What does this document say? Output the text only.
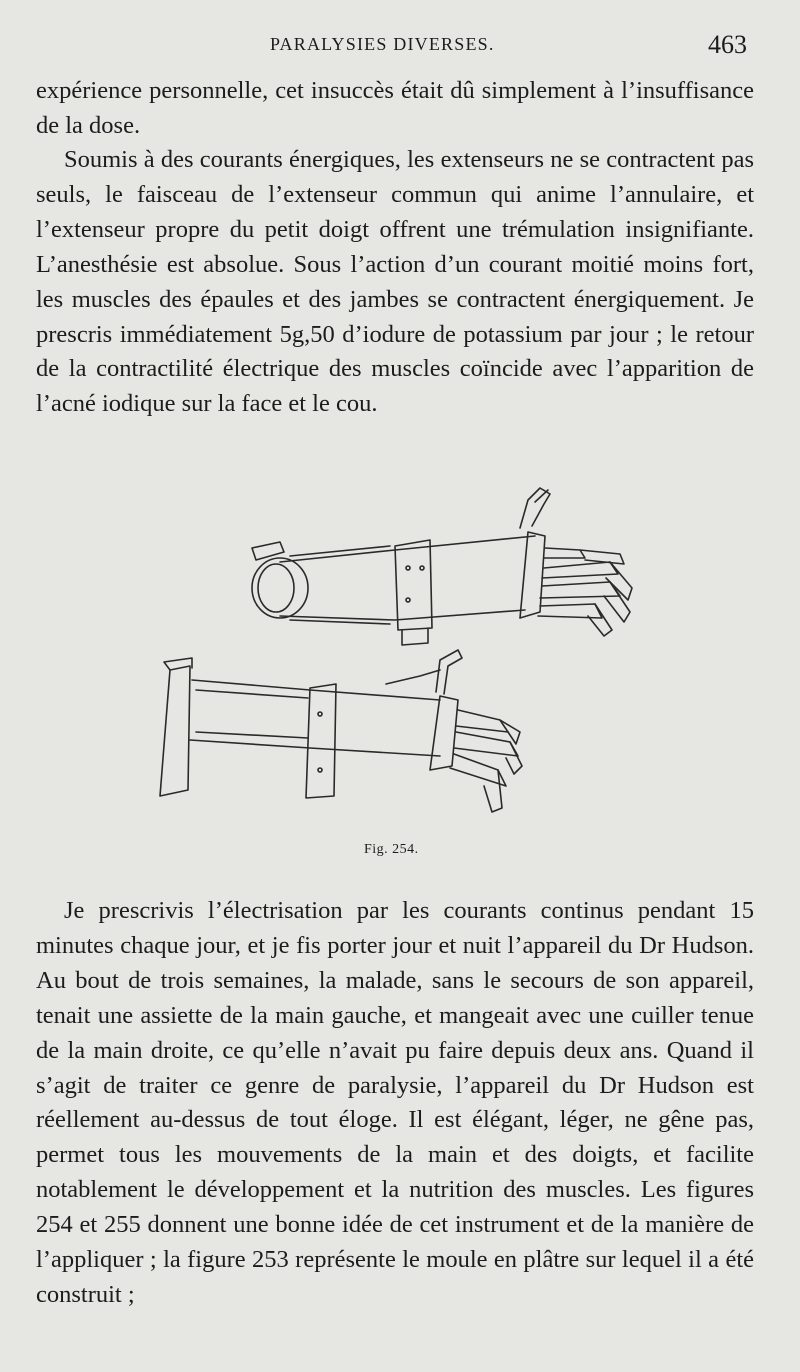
PARALYSIES DIVERSES.	463

expérience personnelle, cet insuccès était dû simplement à l’insuffisance de la dose.

Soumis à des courants énergiques, les extenseurs ne se contractent pas seuls, le faisceau de l’extenseur commun qui anime l’annulaire, et l’extenseur propre du petit doigt offrent une trémulation insignifiante. L’anesthésie est absolue. Sous l’action d’un courant moitié moins fort, les muscles des épaules et des jambes se contractent énergiquement. Je prescris immédiatement 5g,50 d’iodure de potassium par jour ; le retour de la contractilité électrique des muscles coïncide avec l’apparition de l’acné iodique sur la face et le cou.

Fig. 254.

Je prescrivis l’électrisation par les courants continus pendant 15 minutes chaque jour, et je fis porter jour et nuit l’appareil du Dr Hudson. Au bout de trois semaines, la malade, sans le secours de son appareil, tenait une assiette de la main gauche, et mangeait avec une cuiller tenue de la main droite, ce qu’elle n’avait pu faire depuis deux ans. Quand il s’agit de traiter ce genre de paralysie, l’appareil du Dr Hudson est réellement au-dessus de tout éloge. Il est élégant, léger, ne gêne pas, permet tous les mouvements de la main et des doigts, et facilite notablement le développement et la nutrition des muscles. Les figures 254 et 255 donnent une bonne idée de cet instrument et de la manière de l’appliquer ; la figure 253 représente le moule en plâtre sur lequel il a été construit ;
